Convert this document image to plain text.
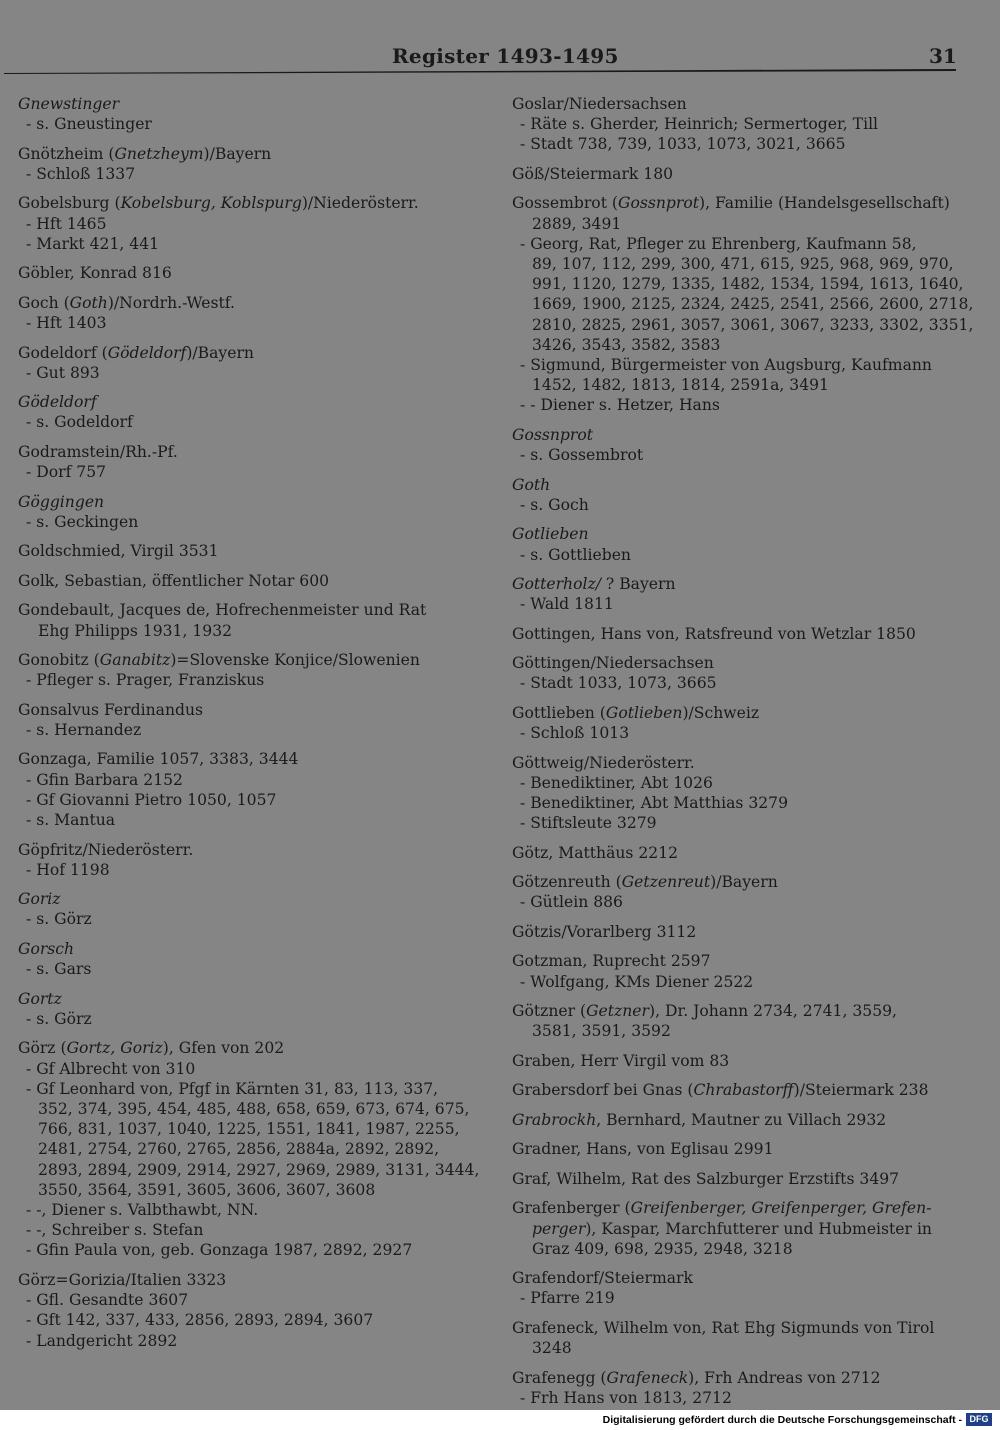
Register 1493-1495	31
Gnewstinger
- s. Gneustinger
Gnötzheim (Gnetzheym)/Bayern
- Schloß 1337
Gobelsburg (Kobelsburg, Koblspurg)/Niederösterr.
- Hft 1465
- Markt 421, 441
Göbler, Konrad 816
Goch (Goth)/Nordrh.-Westf.
- Hft 1403
Godeldorf (Gödeldorf)/Bayern
- Gut 893
Gödeldorf
- s. Godeldorf
Godramstein/Rh.-Pf.
- Dorf 757
Göggingen
- s. Geckingen
Goldschmied, Virgil 3531
Golk, Sebastian, öffentlicher Notar 600
Gondebault, Jacques de, Hofrechenmeister und Rat
Ehg Philipps 1931, 1932
Gonobitz (Ganabitz)=Slovenske Konjice/Slowenien
- Pfleger s. Prager, Franziskus
Gonsalvus Ferdinandus
- s. Hernandez
Gonzaga, Familie 1057, 3383, 3444
- Gfin Barbara 2152
- Gf Giovanni Pietro 1050, 1057
- s. Mantua
Göpfritz/Niederösterr.
- Hof 1198
Goriz
- s. Görz
Gorsch
- s. Gars
Gortz
- s. Görz
Görz (Gortz, Goriz), Gfen von 202
- Gf Albrecht von 310
- Gf Leonhard von, Pfgf in Kärnten 31, 83, 113, 337,
352, 374, 395, 454, 485, 488, 658, 659, 673, 674, 675,
766, 831, 1037, 1040, 1225, 1551, 1841, 1987, 2255,
2481, 2754, 2760, 2765, 2856, 2884a, 2892, 2892,
2893, 2894, 2909, 2914, 2927, 2969, 2989, 3131, 3444,
3550, 3564, 3591, 3605, 3606, 3607, 3608
- -, Diener s. Valbthawbt, NN.
- -, Schreiber s. Stefan
- Gfin Paula von, geb. Gonzaga 1987, 2892, 2927
Görz=Gorizia/Italien 3323
- Gfl. Gesandte 3607
- Gft 142, 337, 433, 2856, 2893, 2894, 3607
- Landgericht 2892
Goslar/Niedersachsen
- Räte s. Gherder, Heinrich; Sermertoger, Till
- Stadt 738, 739, 1033, 1073, 3021, 3665
Göß/Steiermark 180
Gossembrot (Gossnprot), Familie (Handelsgesellschaft)
2889, 3491
- Georg, Rat, Pfleger zu Ehrenberg, Kaufmann 58,
89, 107, 112, 299, 300, 471, 615, 925, 968, 969, 970,
991, 1120, 1279, 1335, 1482, 1534, 1594, 1613, 1640,
1669, 1900, 2125, 2324, 2425, 2541, 2566, 2600, 2718,
2810, 2825, 2961, 3057, 3061, 3067, 3233, 3302, 3351,
3426, 3543, 3582, 3583
- Sigmund, Bürgermeister von Augsburg, Kaufmann
1452, 1482, 1813, 1814, 2591a, 3491
- - Diener s. Hetzer, Hans
Gossnprot
- s. Gossembrot
Goth
- s. Goch
Gotlieben
- s. Gottlieben
Gotterholz/ ? Bayern
- Wald 1811
Gottingen, Hans von, Ratsfreund von Wetzlar 1850
Göttingen/Niedersachsen
- Stadt 1033, 1073, 3665
Gottlieben (Gotlieben)/Schweiz
- Schloß 1013
Göttweig/Niederösterr.
- Benediktiner, Abt 1026
- Benediktiner, Abt Matthias 3279
- Stiftsleute 3279
Götz, Matthäus 2212
Götzenreuth (Getzenreut)/Bayern
- Gütlein 886
Götzis/Vorarlberg 3112
Gotzman, Ruprecht 2597
- Wolfgang, KMs Diener 2522
Götzner (Getzner), Dr. Johann 2734, 2741, 3559,
3581, 3591, 3592
Graben, Herr Virgil vom 83
Grabersdorf bei Gnas (Chrabastorff)/Steiermark 238
Grabrockh, Bernhard, Mautner zu Villach 2932
Gradner, Hans, von Eglisau 2991
Graf, Wilhelm, Rat des Salzburger Erzstifts 3497
Grafenberger (Greifenberger, Greifenperger, Grefen-
perger), Kaspar, Marchfutterer und Hubmeister in
Graz 409, 698, 2935, 2948, 3218
Grafendorf/Steiermark
- Pfarre 219
Grafeneck, Wilhelm von, Rat Ehg Sigmunds von Tirol
3248
Grafenegg (Grafeneck), Frh Andreas von 2712
- Frh Hans von 1813, 2712
Digitalisierung gefördert durch die Deutsche Forschungsgemeinschaft - DFG
